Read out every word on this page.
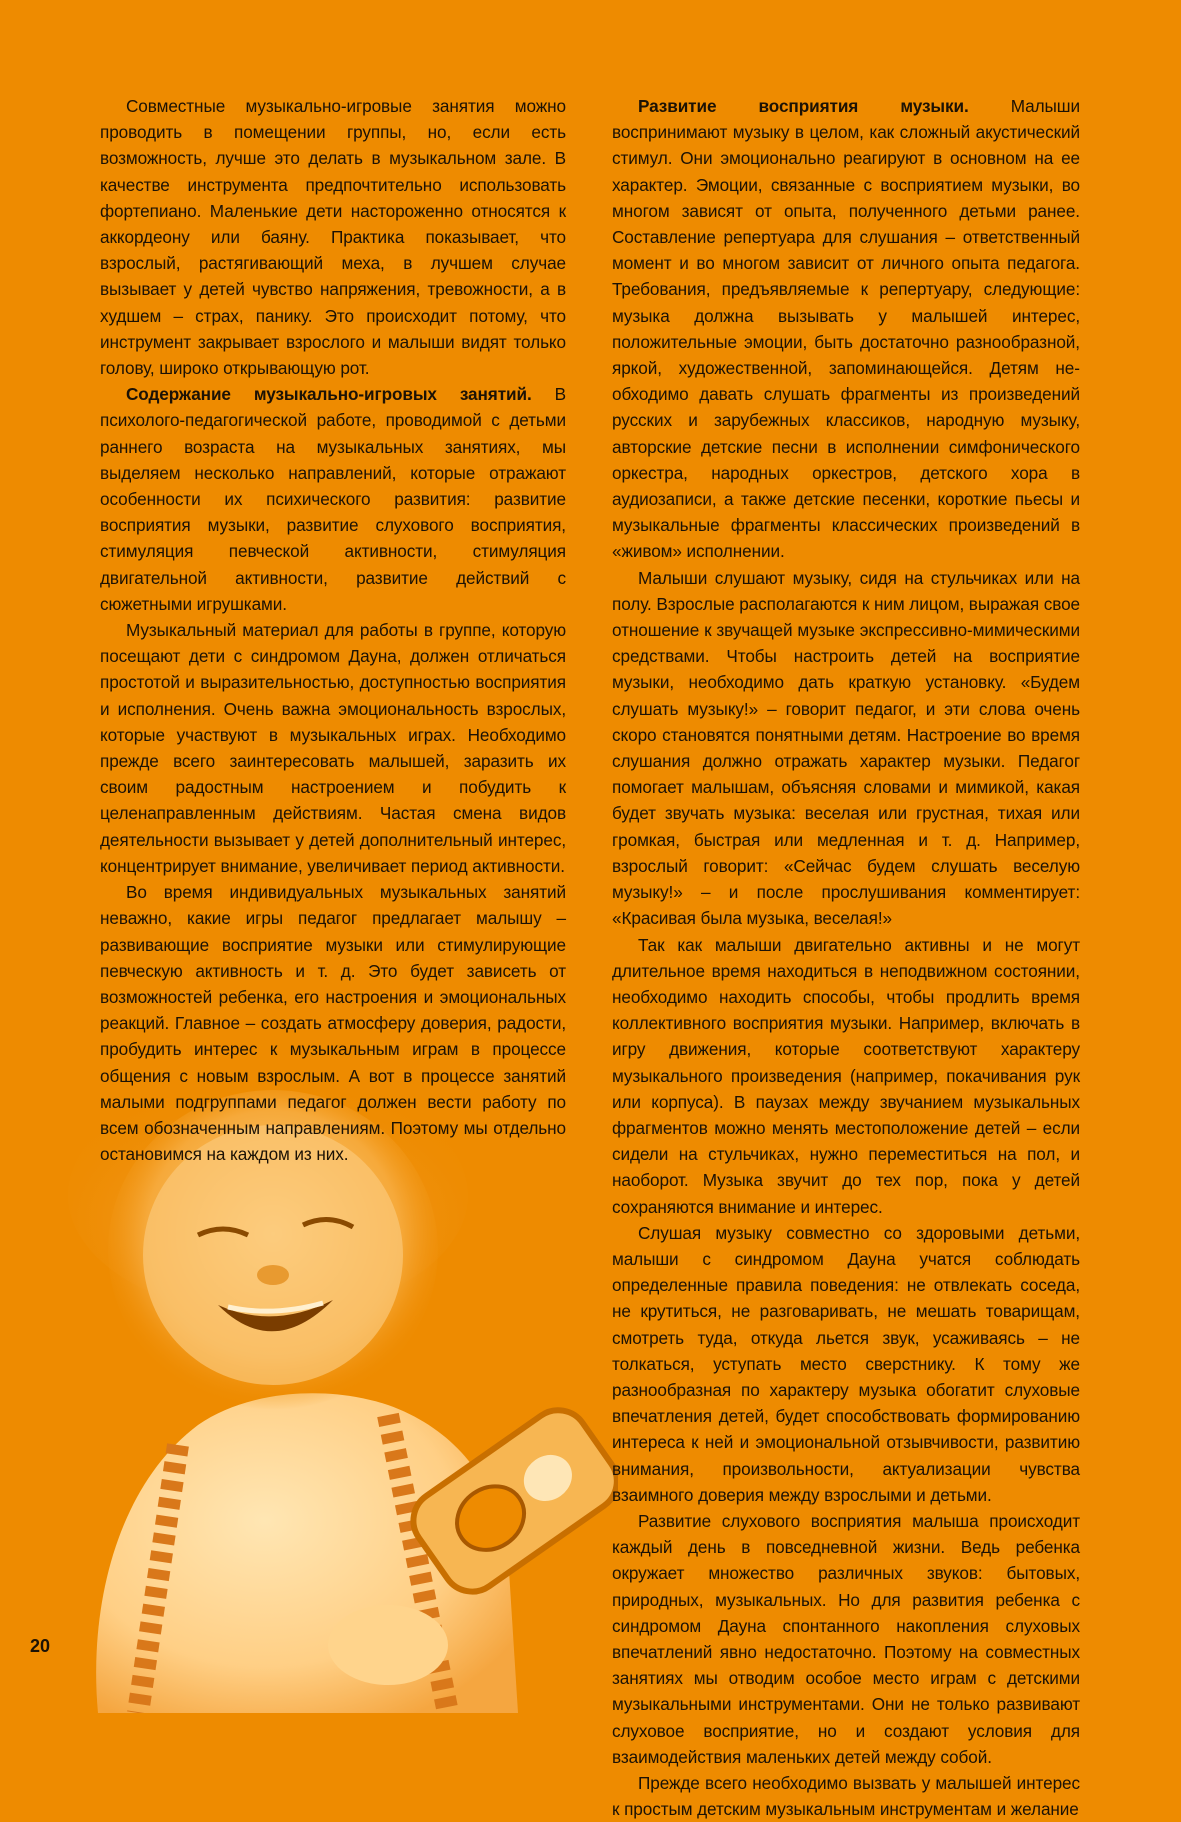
Совместные музыкально-игровые занятия можно проводить в помещении группы, но, если есть возможность, лучше это делать в музыкальном зале. В качестве инструмента предпочтительно использовать фортепиано. Маленькие дети настороженно относятся к аккордеону или баяну. Практика показывает, что взрослый, растягивающий меха, в лучшем случае вызывает у детей чувство напряжения, тревожности, а в худшем – страх, панику. Это происходит потому, что инструмент закрывает взрослого и малыши видят только голову, широко открывающую рот.

Содержание музыкально-игровых занятий. В психолого-педагогической работе, проводимой с детьми раннего возраста на музыкальных занятиях, мы выделяем несколько направлений, которые отражают особенности их психического развития: развитие восприятия музыки, развитие слухового восприятия, стимуляция певческой активности, стимуляция двигательной активности, развитие действий с сюжетными игрушками.

Музыкальный материал для работы в группе, которую посещают дети с синдромом Дауна, должен отличаться простотой и выразительностью, доступностью восприятия и исполнения. Очень важна эмоциональность взрослых, которые участвуют в музыкальных играх. Необходимо прежде всего заинтересовать малышей, заразить их своим радостным настроением и побудить к целенаправленным действиям. Частая смена видов деятельности вызывает у детей дополнительный интерес, концентрирует внимание, увеличивает период активности.

Во время индивидуальных музыкальных занятий неважно, какие игры педагог предлагает малышу – развивающие восприятие музыки или стимулирующие певческую активность и т. д. Это будет зависеть от возможностей ребенка, его настроения и эмоциональных реакций. Главное – создать атмосферу доверия, радости, пробудить интерес к музыкальным играм в процессе общения с новым взрослым. А вот в процессе занятий малыми подгруппами педагог должен вести работу по всем обозначенным направлениям. Поэтому мы отдельно остановимся на каждом из них.

Развитие восприятия музыки. Малыши воспринимают музыку в целом, как сложный акустический стимул. Они эмоционально реагируют в основном на ее характер. Эмоции, связанные с восприятием музыки, во многом зависят от опыта, полученного детьми ранее. Составление репертуара для слушания – ответственный момент и во многом зависит от личного опыта педагога. Требования, предъявляемые к репертуару, следующие: музыка должна вызывать у малышей интерес, положительные эмоции, быть достаточно разнообразной, яркой, художественной, запоминающейся. Детям необходимо давать слушать фрагменты из произведений русских и зарубежных классиков, народную музыку, авторские детские песни в исполнении симфонического оркестра, народных оркестров, детского хора в аудиозаписи, а также детские песенки, короткие пьесы и музыкальные фрагменты классических произведений в «живом» исполнении.

Малыши слушают музыку, сидя на стульчиках или на полу. Взрослые располагаются к ним лицом, выражая свое отношение к звучащей музыке экспрессивно-мимическими средствами. Чтобы настроить детей на восприятие музыки, необходимо дать краткую установку. «Будем слушать музыку!» – говорит педагог, и эти слова очень скоро становятся понятными детям. Настроение во время слушания должно отражать характер музыки. Педагог помогает малышам, объясняя словами и мимикой, какая будет звучать музыка: веселая или грустная, тихая или громкая, быстрая или медленная и т. д. Например, взрослый говорит: «Сейчас будем слушать веселую музыку!» – и после прослушивания комментирует: «Красивая была музыка, веселая!»

Так как малыши двигательно активны и не могут длительное время находиться в неподвижном состоянии, необходимо находить способы, чтобы продлить время коллективного восприятия музыки. Например, включать в игру движения, которые соответствуют характеру музыкального произведения (например, покачивания рук или корпуса). В паузах между звучанием музыкальных фрагментов можно менять местоположение детей – если сидели на стульчиках, нужно переместиться на пол, и наоборот. Музыка звучит до тех пор, пока у детей сохраняются внимание и интерес.

Слушая музыку совместно со здоровыми детьми, малыши с синдромом Дауна учатся соблюдать определенные правила поведения: не отвлекать соседа, не крутиться, не разговаривать, не мешать товарищам, смотреть туда, откуда льется звук, усаживаясь – не толкаться, уступать место сверстнику. К тому же разнообразная по характеру музыка обогатит слуховые впечатления детей, будет способствовать формированию интереса к ней и эмоциональной отзывчивости, развитию внимания, произвольности, актуализации чувства взаимного доверия между взрослыми и детьми.

Развитие слухового восприятия малыша происходит каждый день в повседневной жизни. Ведь ребенка окружает множество различных звуков: бытовых, природных, музыкальных. Но для развития ребенка с синдромом Дауна спонтанного накопления слуховых впечатлений явно недостаточно. Поэтому на совместных занятиях мы отводим особое место играм с детскими музыкальными инструментами. Они не только развивают слуховое восприятие, но и создают условия для взаимодействия маленьких детей между собой.

Прежде всего необходимо вызвать у малышей интерес к простым детским музыкальным инструментам и желание

20
